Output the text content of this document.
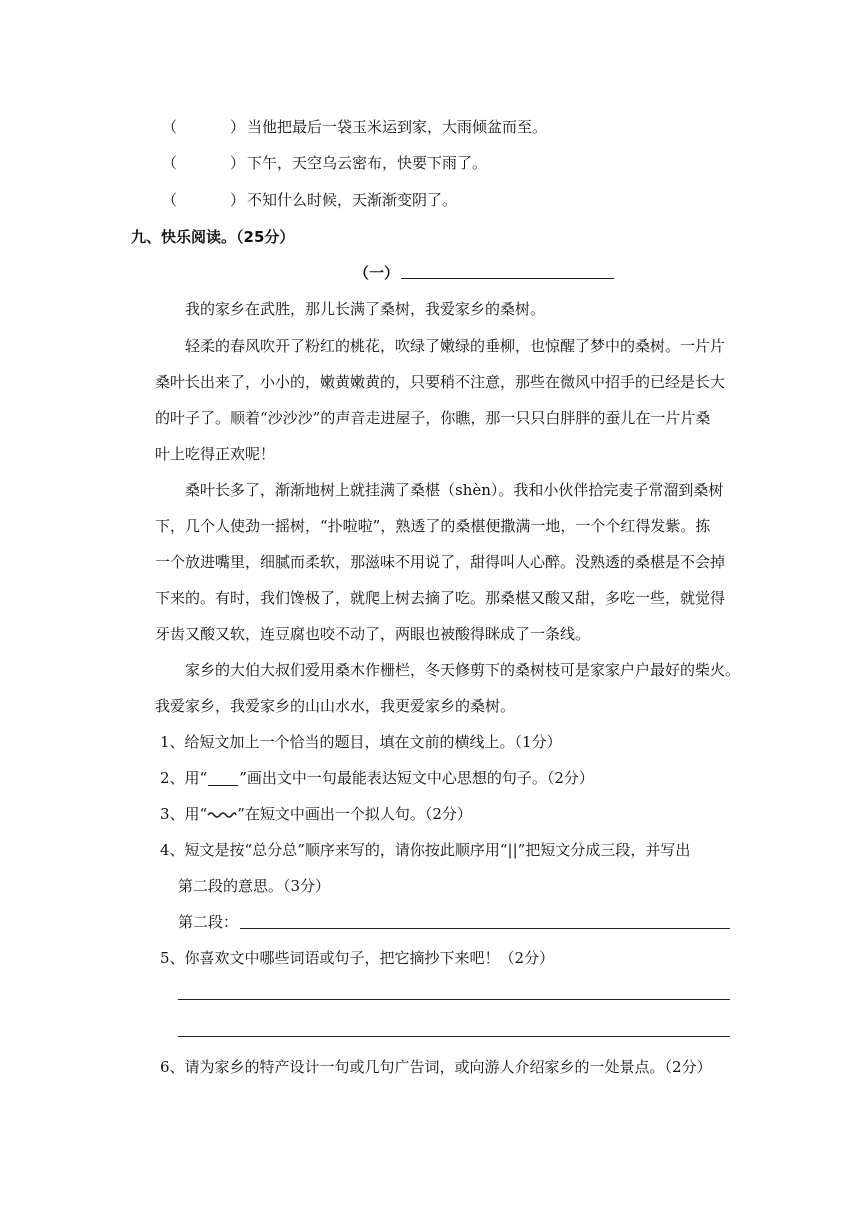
（	） 当他把最后一袋玉米运到家，大雨倾盆而至。
（	） 下午，天空乌云密布，快要下雨了。
（	） 不知什么时候，天渐渐变阴了。
九、快乐阅读。（25分）
（一）
我的家乡在武胜，那儿长满了桑树，我爱家乡的桑树。
轻柔的春风吹开了粉红的桃花，吹绿了嫩绿的垂柳，也惊醒了梦中的桑树。一片片
桑叶长出来了，小小的，嫩黄嫩黄的，只要稍不注意，那些在微风中招手的已经是长大
的叶子了。顺着“沙沙沙”的声音走进屋子，你瞧，那一只只白胖胖的蚕儿在一片片桑
叶上吃得正欢呢！
桑叶长多了，渐渐地树上就挂满了桑椹（shèn）。我和小伙伴拾完麦子常溜到桑树
下，几个人使劲一摇树，“扑啦啦”，熟透了的桑椹便撒满一地，一个个红得发紫。拣
一个放进嘴里，细腻而柔软，那滋味不用说了，甜得叫人心醉。没熟透的桑椹是不会掉
下来的。有时，我们馋极了，就爬上树去摘了吃。那桑椹又酸又甜，多吃一些，就觉得
牙齿又酸又软，连豆腐也咬不动了，两眼也被酸得眯成了一条线。
家乡的大伯大叔们爱用桑木作栅栏，冬天修剪下的桑树枝可是家家户户最好的柴火。
我爱家乡，我爱家乡的山山水水，我更爱家乡的桑树。
1、给短文加上一个恰当的题目，填在文前的横线上。（1分）
2、用“ ”画出文中一句最能表达短文中心思想的句子。（2分）
3、用“ ”在短文中画出一个拟人句。（2分）
4、短文是按“总分总”顺序来写的，请你按此顺序用“||”把短文分成三段，并写出
第二段的意思。（3分）
第二段：
5、你喜欢文中哪些词语或句子，把它摘抄下来吧！（2分）
6、请为家乡的特产设计一句或几句广告词，或向游人介绍家乡的一处景点。（2分）
